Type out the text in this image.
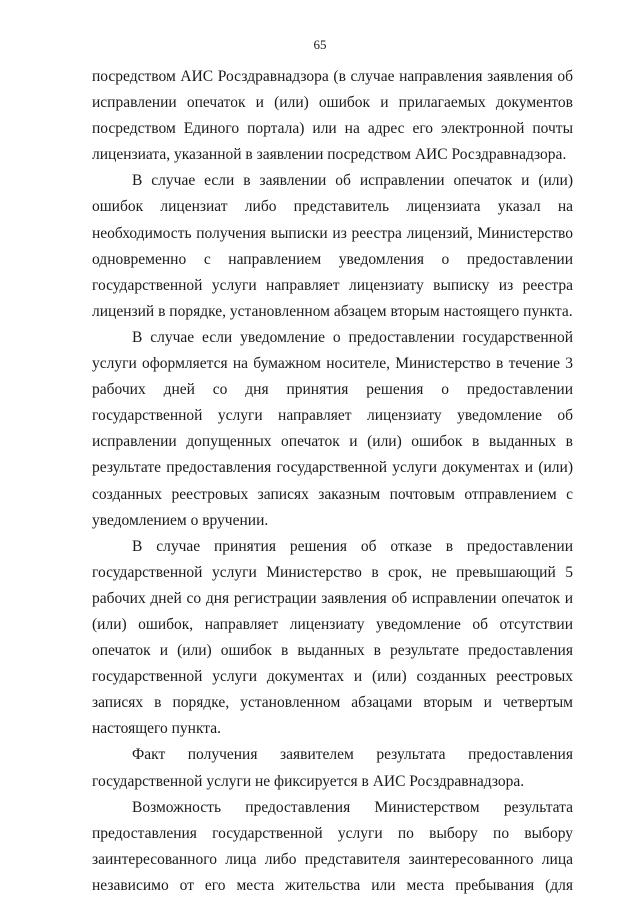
65

посредством АИС Росздравнадзора (в случае направления заявления об исправлении опечаток и (или) ошибок и прилагаемых документов посредством Единого портала) или на адрес его электронной почты лицензиата, указанной в заявлении посредством АИС Росздравнадзора.

В случае если в заявлении об исправлении опечаток и (или) ошибок лицензиат либо представитель лицензиата указал на необходимость получения выписки из реестра лицензий, Министерство одновременно с направлением уведомления о предоставлении государственной услуги направляет лицензиату выписку из реестра лицензий в порядке, установленном абзацем вторым настоящего пункта.

В случае если уведомление о предоставлении государственной услуги оформляется на бумажном носителе, Министерство в течение 3 рабочих дней со дня принятия решения о предоставлении государственной услуги направляет лицензиату уведомление об исправлении допущенных опечаток и (или) ошибок в выданных в результате предоставления государственной услуги документах и (или) созданных реестровых записях заказным почтовым отправлением с уведомлением о вручении.

В случае принятия решения об отказе в предоставлении государственной услуги Министерство в срок, не превышающий 5 рабочих дней со дня регистрации заявления об исправлении опечаток и (или) ошибок, направляет лицензиату уведомление об отсутствии опечаток и (или) ошибок в выданных в результате предоставления государственной услуги документах и (или) созданных реестровых записях в порядке, установленном абзацами вторым и четвертым настоящего пункта.

Факт получения заявителем результата предоставления государственной услуги не фиксируется в АИС Росздравнадзора.

Возможность предоставления Министерством результата предоставления государственной услуги по выбору по выбору заинтересованного лица либо представителя заинтересованного лица независимо от его места жительства или места пребывания (для
